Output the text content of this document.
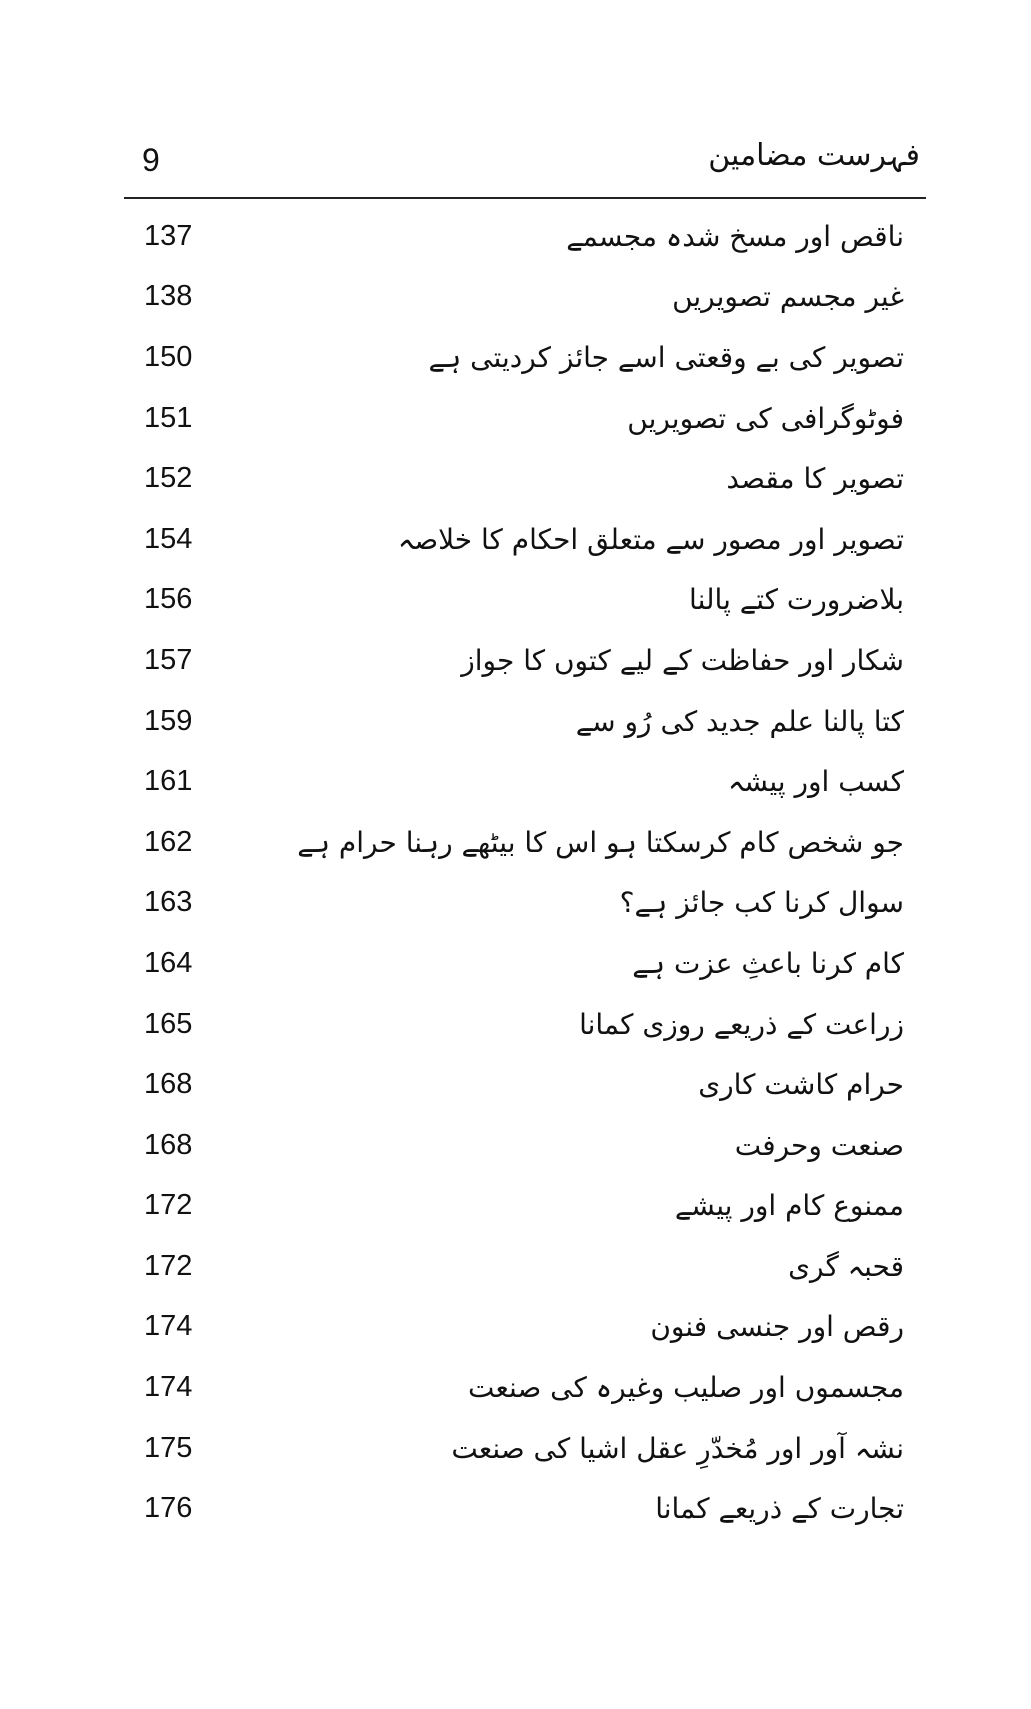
9	فہرست مضامین
137	ناقص اور مسخ شدہ مجسمے
138	غیر مجسم تصویریں
150	تصویر کی بے وقعتی اسے جائز کردیتی ہے
151	فوٹوگرافی کی تصویریں
152	تصویر کا مقصد
154	تصویر اور مصور سے متعلق احکام کا خلاصہ
156	بلاضرورت کتے پالنا
157	شکار اور حفاظت کے لیے کتوں کا جواز
159	کتا پالنا علم جدید کی رُو سے
161	کسب اور پیشہ
162	جو شخص کام کرسکتا ہو اس کا بیٹھے رہنا حرام ہے
163	سوال کرنا کب جائز ہے؟
164	کام کرنا باعثِ عزت ہے
165	زراعت کے ذریعے روزی کمانا
168	حرام کاشت کاری
168	صنعت وحرفت
172	ممنوع کام اور پیشے
172	قحبہ گری
174	رقص اور جنسی فنون
174	مجسموں اور صلیب وغیرہ کی صنعت
175	نشہ آور اور مُخدّرِ عقل اشیا کی صنعت
176	تجارت کے ذریعے کمانا
